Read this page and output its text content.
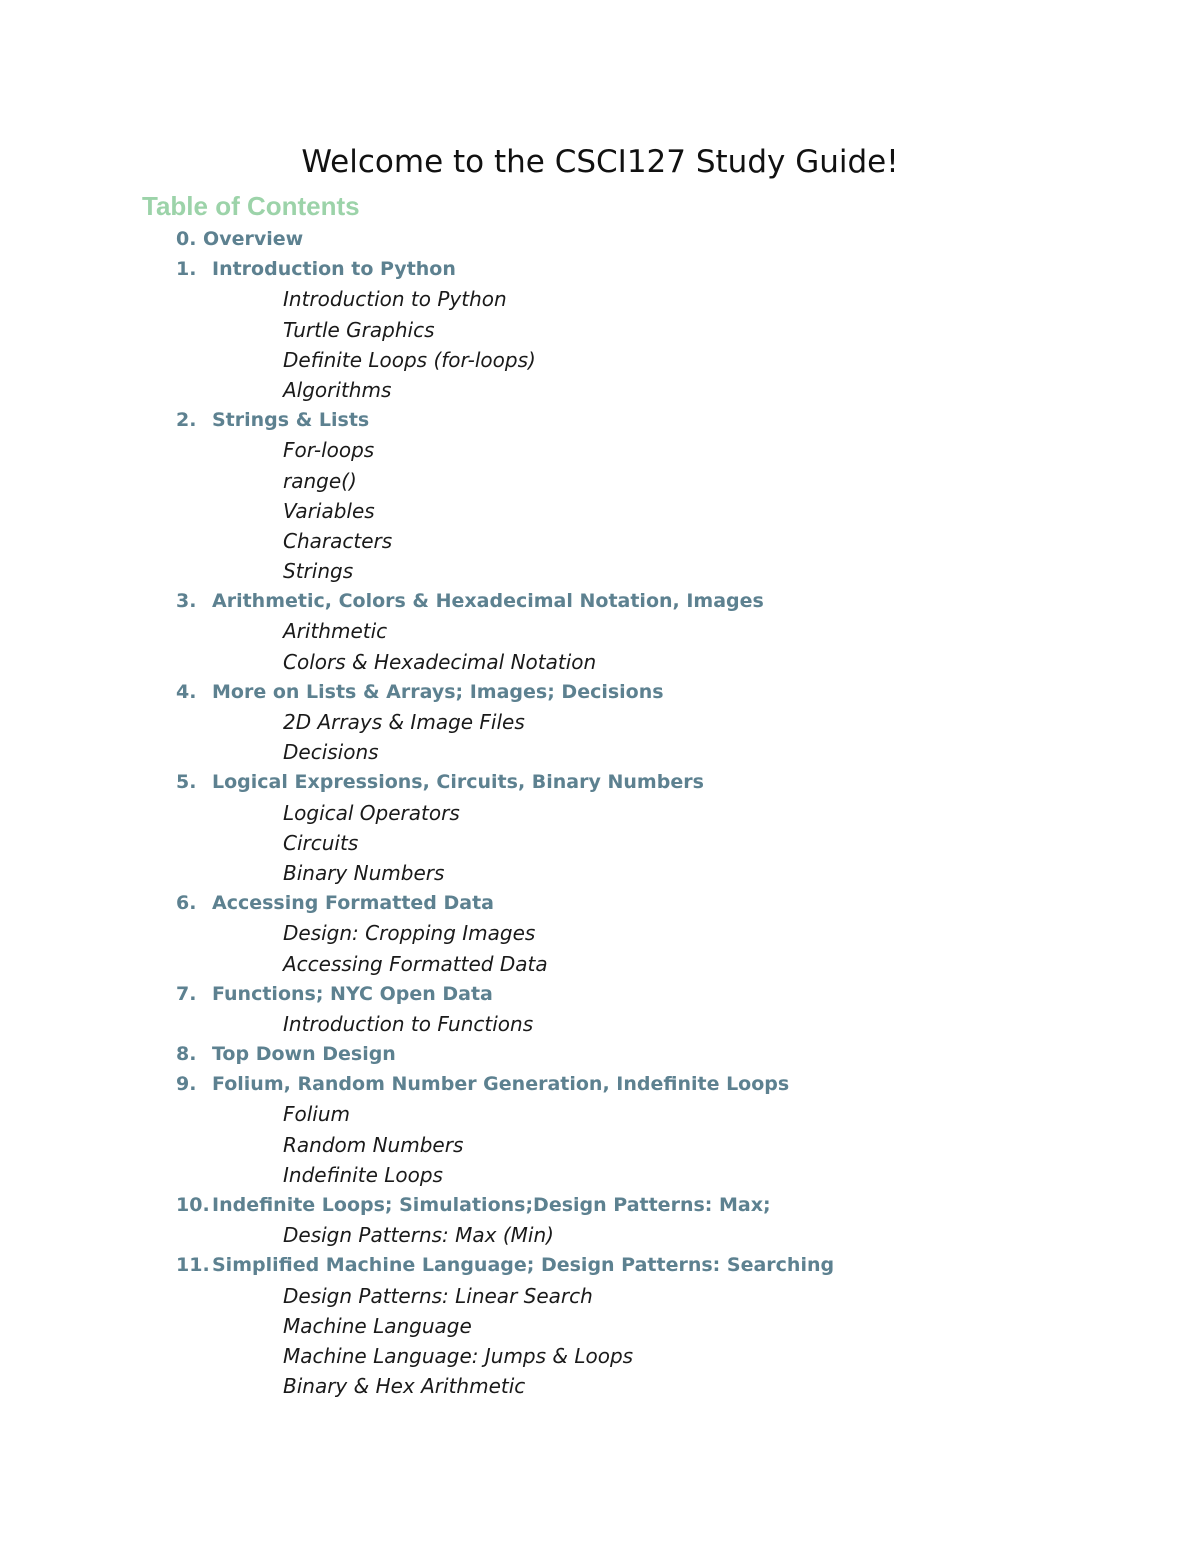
Welcome to the CSCI127 Study Guide!
Table of Contents
0. Overview
1. Introduction to Python
Introduction to Python
Turtle Graphics
Definite Loops (for-loops)
Algorithms
2. Strings & Lists
For-loops
range()
Variables
Characters
Strings
3. Arithmetic, Colors & Hexadecimal Notation, Images
Arithmetic
Colors & Hexadecimal Notation
4. More on Lists & Arrays; Images; Decisions
2D Arrays & Image Files
Decisions
5. Logical Expressions, Circuits, Binary Numbers
Logical Operators
Circuits
Binary Numbers
6. Accessing Formatted Data
Design: Cropping Images
Accessing Formatted Data
7. Functions; NYC Open Data
Introduction to Functions
8. Top Down Design
9. Folium, Random Number Generation, Indefinite Loops
Folium
Random Numbers
Indefinite Loops
10. Indefinite Loops; Simulations;Design Patterns: Max;
Design Patterns: Max (Min)
11. Simplified Machine Language; Design Patterns: Searching
Design Patterns: Linear Search
Machine Language
Machine Language: Jumps & Loops
Binary & Hex Arithmetic
